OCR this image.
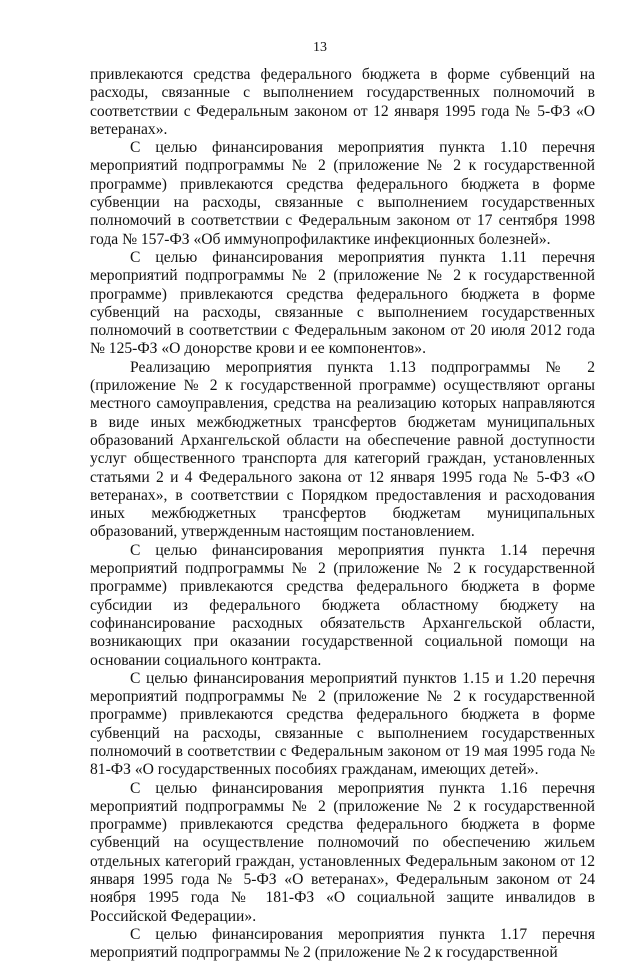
13

привлекаются средства федерального бюджета в форме субвенций на расходы, связанные с выполнением государственных полномочий в соответствии с Федеральным законом от 12 января 1995 года № 5-ФЗ «О ветеранах».

С целью финансирования мероприятия пункта 1.10 перечня мероприятий подпрограммы № 2 (приложение № 2 к государственной программе) привлекаются средства федерального бюджета в форме субвенции на расходы, связанные с выполнением государственных полномочий в соответствии с Федеральным законом от 17 сентября 1998 года № 157-ФЗ «Об иммунопрофилактике инфекционных болезней».

С целью финансирования мероприятия пункта 1.11 перечня мероприятий подпрограммы № 2 (приложение № 2 к государственной программе) привлекаются средства федерального бюджета в форме субвенций на расходы, связанные с выполнением государственных полномочий в соответствии с Федеральным законом от 20 июля 2012 года № 125-ФЗ «О донорстве крови и ее компонентов».

Реализацию мероприятия пункта 1.13 подпрограммы № 2 (приложение № 2 к государственной программе) осуществляют органы местного самоуправления, средства на реализацию которых направляются в виде иных межбюджетных трансфертов бюджетам муниципальных образований Архангельской области на обеспечение равной доступности услуг общественного транспорта для категорий граждан, установленных статьями 2 и 4 Федерального закона от 12 января 1995 года № 5-ФЗ «О ветеранах», в соответствии с Порядком предоставления и расходования иных межбюджетных трансфертов бюджетам муниципальных образований, утвержденным настоящим постановлением.

С целью финансирования мероприятия пункта 1.14 перечня мероприятий подпрограммы № 2 (приложение № 2 к государственной программе) привлекаются средства федерального бюджета в форме субсидии из федерального бюджета областному бюджету на софинансирование расходных обязательств Архангельской области, возникающих при оказании государственной социальной помощи на основании социального контракта.

С целью финансирования мероприятий пунктов 1.15 и 1.20 перечня мероприятий подпрограммы № 2 (приложение № 2 к государственной программе) привлекаются средства федерального бюджета в форме субвенций на расходы, связанные с выполнением государственных полномочий в соответствии с Федеральным законом от 19 мая 1995 года № 81-ФЗ «О государственных пособиях гражданам, имеющих детей».

С целью финансирования мероприятия пункта 1.16 перечня мероприятий подпрограммы № 2 (приложение № 2 к государственной программе) привлекаются средства федерального бюджета в форме субвенций на осуществление полномочий по обеспечению жильем отдельных категорий граждан, установленных Федеральным законом от 12 января 1995 года № 5-ФЗ «О ветеранах», Федеральным законом от 24 ноября 1995 года № 181-ФЗ «О социальной защите инвалидов в Российской Федерации».

С целью финансирования мероприятия пункта 1.17 перечня мероприятий подпрограммы № 2 (приложение № 2 к государственной
